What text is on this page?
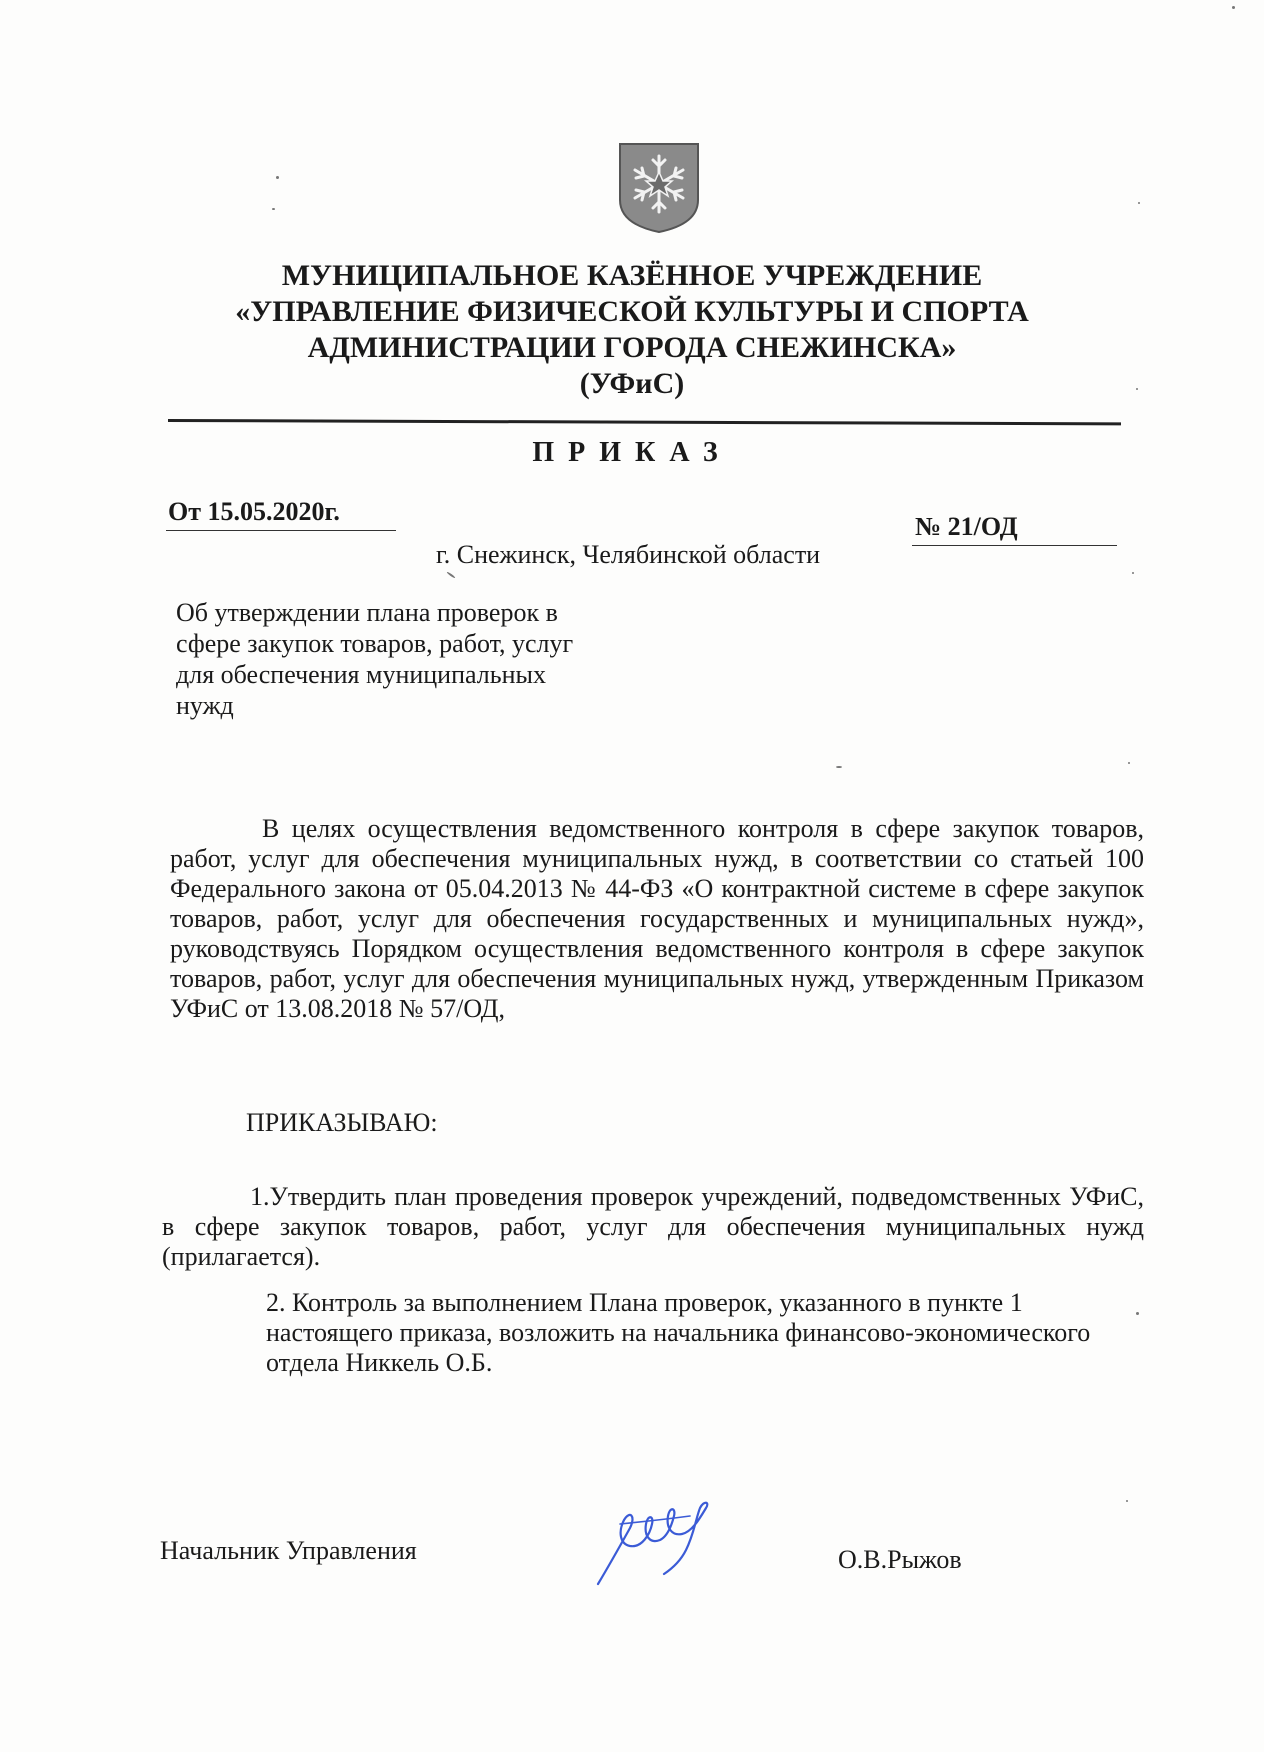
МУНИЦИПАЛЬНОЕ КАЗЁННОЕ УЧРЕЖДЕНИЕ
«УПРАВЛЕНИЕ ФИЗИЧЕСКОЙ КУЛЬТУРЫ И СПОРТА
АДМИНИСТРАЦИИ ГОРОДА СНЕЖИНСКА»
(УФиС)
ПРИКАЗ
От 15.05.2020г.
№ 21/ОД
г. Снежинск, Челябинской области
Об утверждении плана проверок в
сфере закупок товаров, работ, услуг
для обеспечения муниципальных
нужд
В целях осуществления ведомственного контроля в сфере закупок товаров, работ, услуг для обеспечения муниципальных нужд, в соответствии со статьей 100 Федерального закона от 05.04.2013 № 44-ФЗ «О контрактной системе в сфере закупок товаров, работ, услуг для обеспечения государственных и муниципальных нужд», руководствуясь Порядком осуществления ведомственного контроля в сфере закупок товаров, работ, услуг для обеспечения муниципальных нужд, утвержденным Приказом УФиС от 13.08.2018 № 57/ОД,
ПРИКАЗЫВАЮ:
1.Утвердить план проведения проверок учреждений, подведомственных УФиС, в сфере закупок товаров, работ, услуг для обеспечения муниципальных нужд (прилагается).
2. Контроль за выполнением Плана проверок, указанного в пункте 1
настоящего приказа, возложить на начальника финансово-экономического
отдела Никкель О.Б.
Начальник Управления	О.В.Рыжов
